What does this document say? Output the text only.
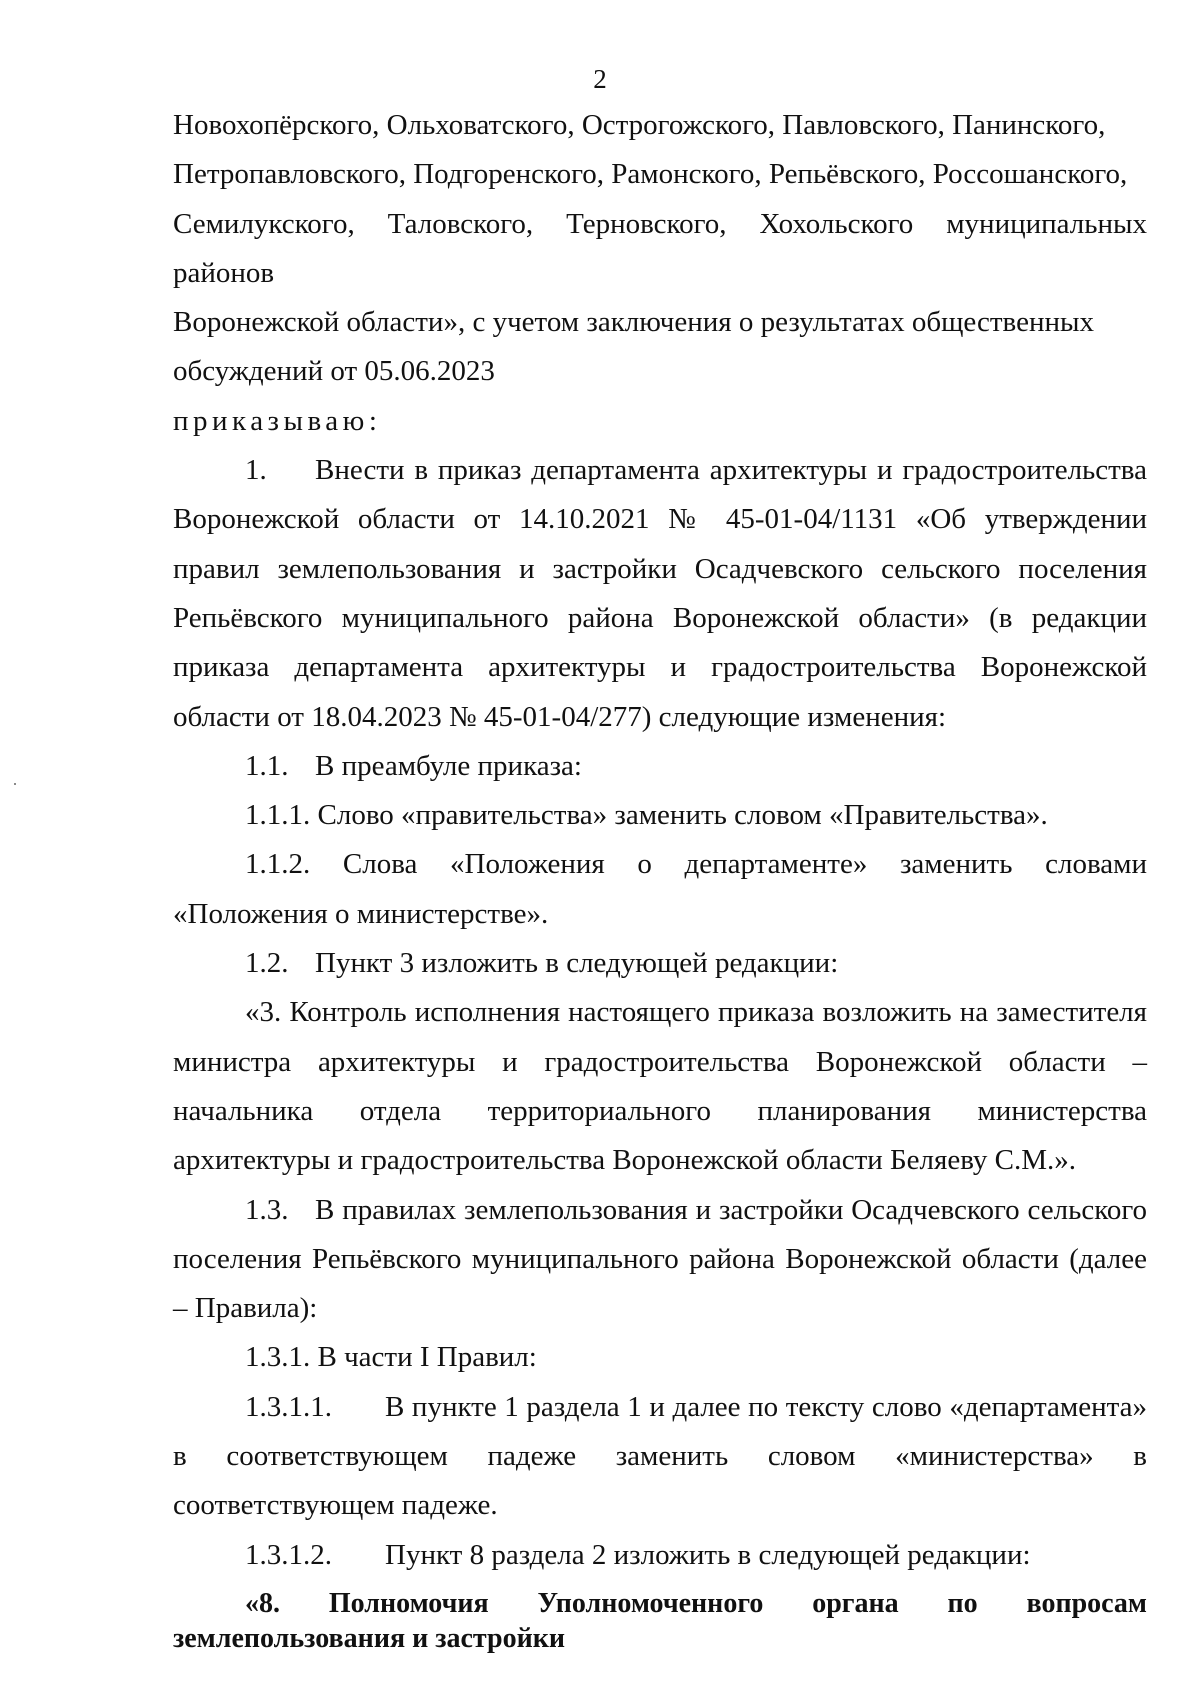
2

Новохопёрского, Ольховатского, Острогожского, Павловского, Панинского,

Петропавловского, Подгоренского, Рамонского, Репьёвского, Россошанского,

Семилукского, Таловского, Терновского, Хохольского муниципальных районов

Воронежской области», с учетом заключения о результатах общественных

обсуждений от 05.06.2023

приказываю:

1. Внести в приказ департамента архитектуры и градостроительства Воронежской области от 14.10.2021 № 45-01-04/1131 «Об утверждении правил землепользования и застройки Осадчевского сельского поселения Репьёвского муниципального района Воронежской области» (в редакции приказа департамента архитектуры и градостроительства Воронежской области от 18.04.2023 № 45-01-04/277) следующие изменения:

1.1. В преамбуле приказа:

1.1.1. Слово «правительства» заменить словом «Правительства».

1.1.2. Слова «Положения о департаменте» заменить словами «Положения о министерстве».

1.2. Пункт 3 изложить в следующей редакции:

«3. Контроль исполнения настоящего приказа возложить на заместителя министра архитектуры и градостроительства Воронежской области – начальника отдела территориального планирования министерства архитектуры и градостроительства Воронежской области Беляеву С.М.».

1.3. В правилах землепользования и застройки Осадчевского сельского поселения Репьёвского муниципального района Воронежской области (далее – Правила):

1.3.1. В части I Правил:

1.3.1.1. В пункте 1 раздела 1 и далее по тексту слово «департамента» в соответствующем падеже заменить словом «министерства» в соответствующем падеже.

1.3.1.2. Пункт 8 раздела 2 изложить в следующей редакции:

«8. Полномочия Уполномоченного органа по вопросам землепользования и застройки
